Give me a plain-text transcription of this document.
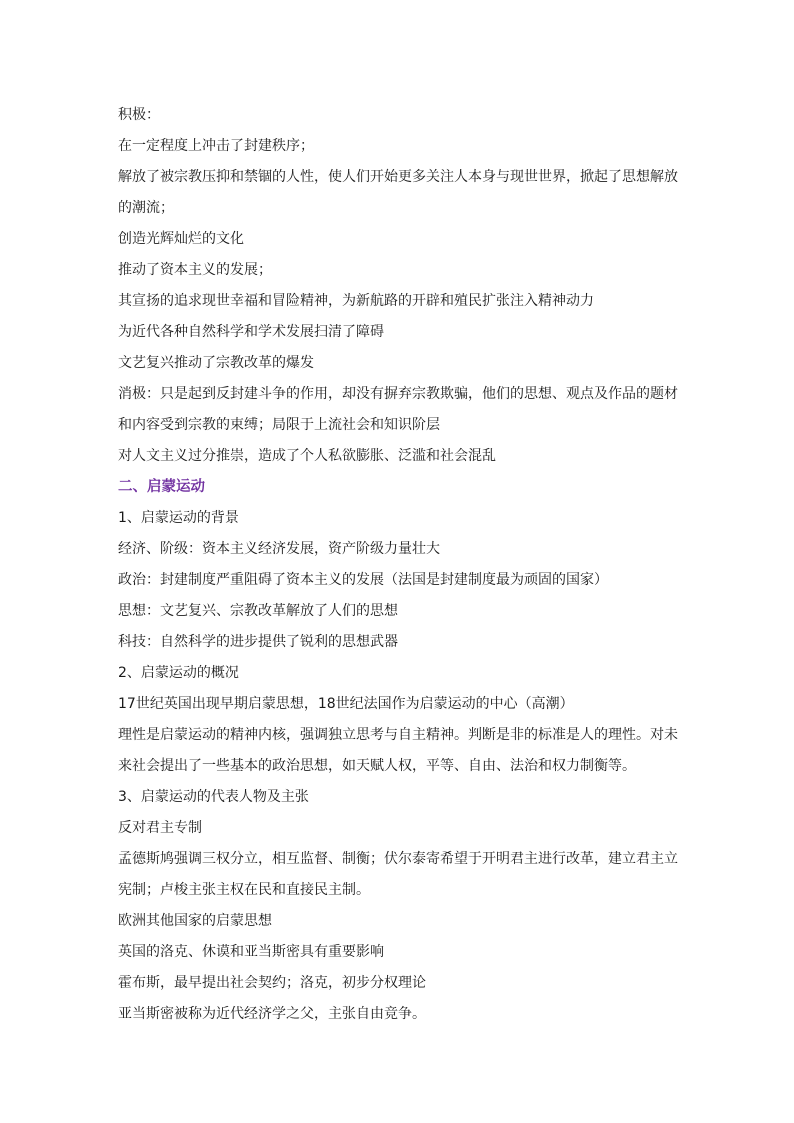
积极：

在一定程度上冲击了封建秩序；

解放了被宗教压抑和禁锢的人性，使人们开始更多关注人本身与现世世界，掀起了思想解放的潮流；

创造光辉灿烂的文化

推动了资本主义的发展；

其宣扬的追求现世幸福和冒险精神，为新航路的开辟和殖民扩张注入精神动力

为近代各种自然科学和学术发展扫清了障碍

文艺复兴推动了宗教改革的爆发

消极：只是起到反封建斗争的作用，却没有摒弃宗教欺骗，他们的思想、观点及作品的题材和内容受到宗教的束缚；局限于上流社会和知识阶层

对人文主义过分推崇，造成了个人私欲膨胀、泛滥和社会混乱

二、启蒙运动

1、启蒙运动的背景

经济、阶级：资本主义经济发展，资产阶级力量壮大

政治：封建制度严重阻碍了资本主义的发展（法国是封建制度最为顽固的国家）

思想：文艺复兴、宗教改革解放了人们的思想

科技：自然科学的进步提供了锐利的思想武器

2、启蒙运动的概况

17世纪英国出现早期启蒙思想，18世纪法国作为启蒙运动的中心（高潮）

理性是启蒙运动的精神内核，强调独立思考与自主精神。判断是非的标准是人的理性。对未来社会提出了一些基本的政治思想，如天赋人权，平等、自由、法治和权力制衡等。

3、启蒙运动的代表人物及主张

反对君主专制

孟德斯鸠强调三权分立，相互监督、制衡；伏尔泰寄希望于开明君主进行改革，建立君主立宪制；卢梭主张主权在民和直接民主制。

欧洲其他国家的启蒙思想

英国的洛克、休谟和亚当斯密具有重要影响

霍布斯，最早提出社会契约；洛克，初步分权理论

亚当斯密被称为近代经济学之父，主张自由竞争。
